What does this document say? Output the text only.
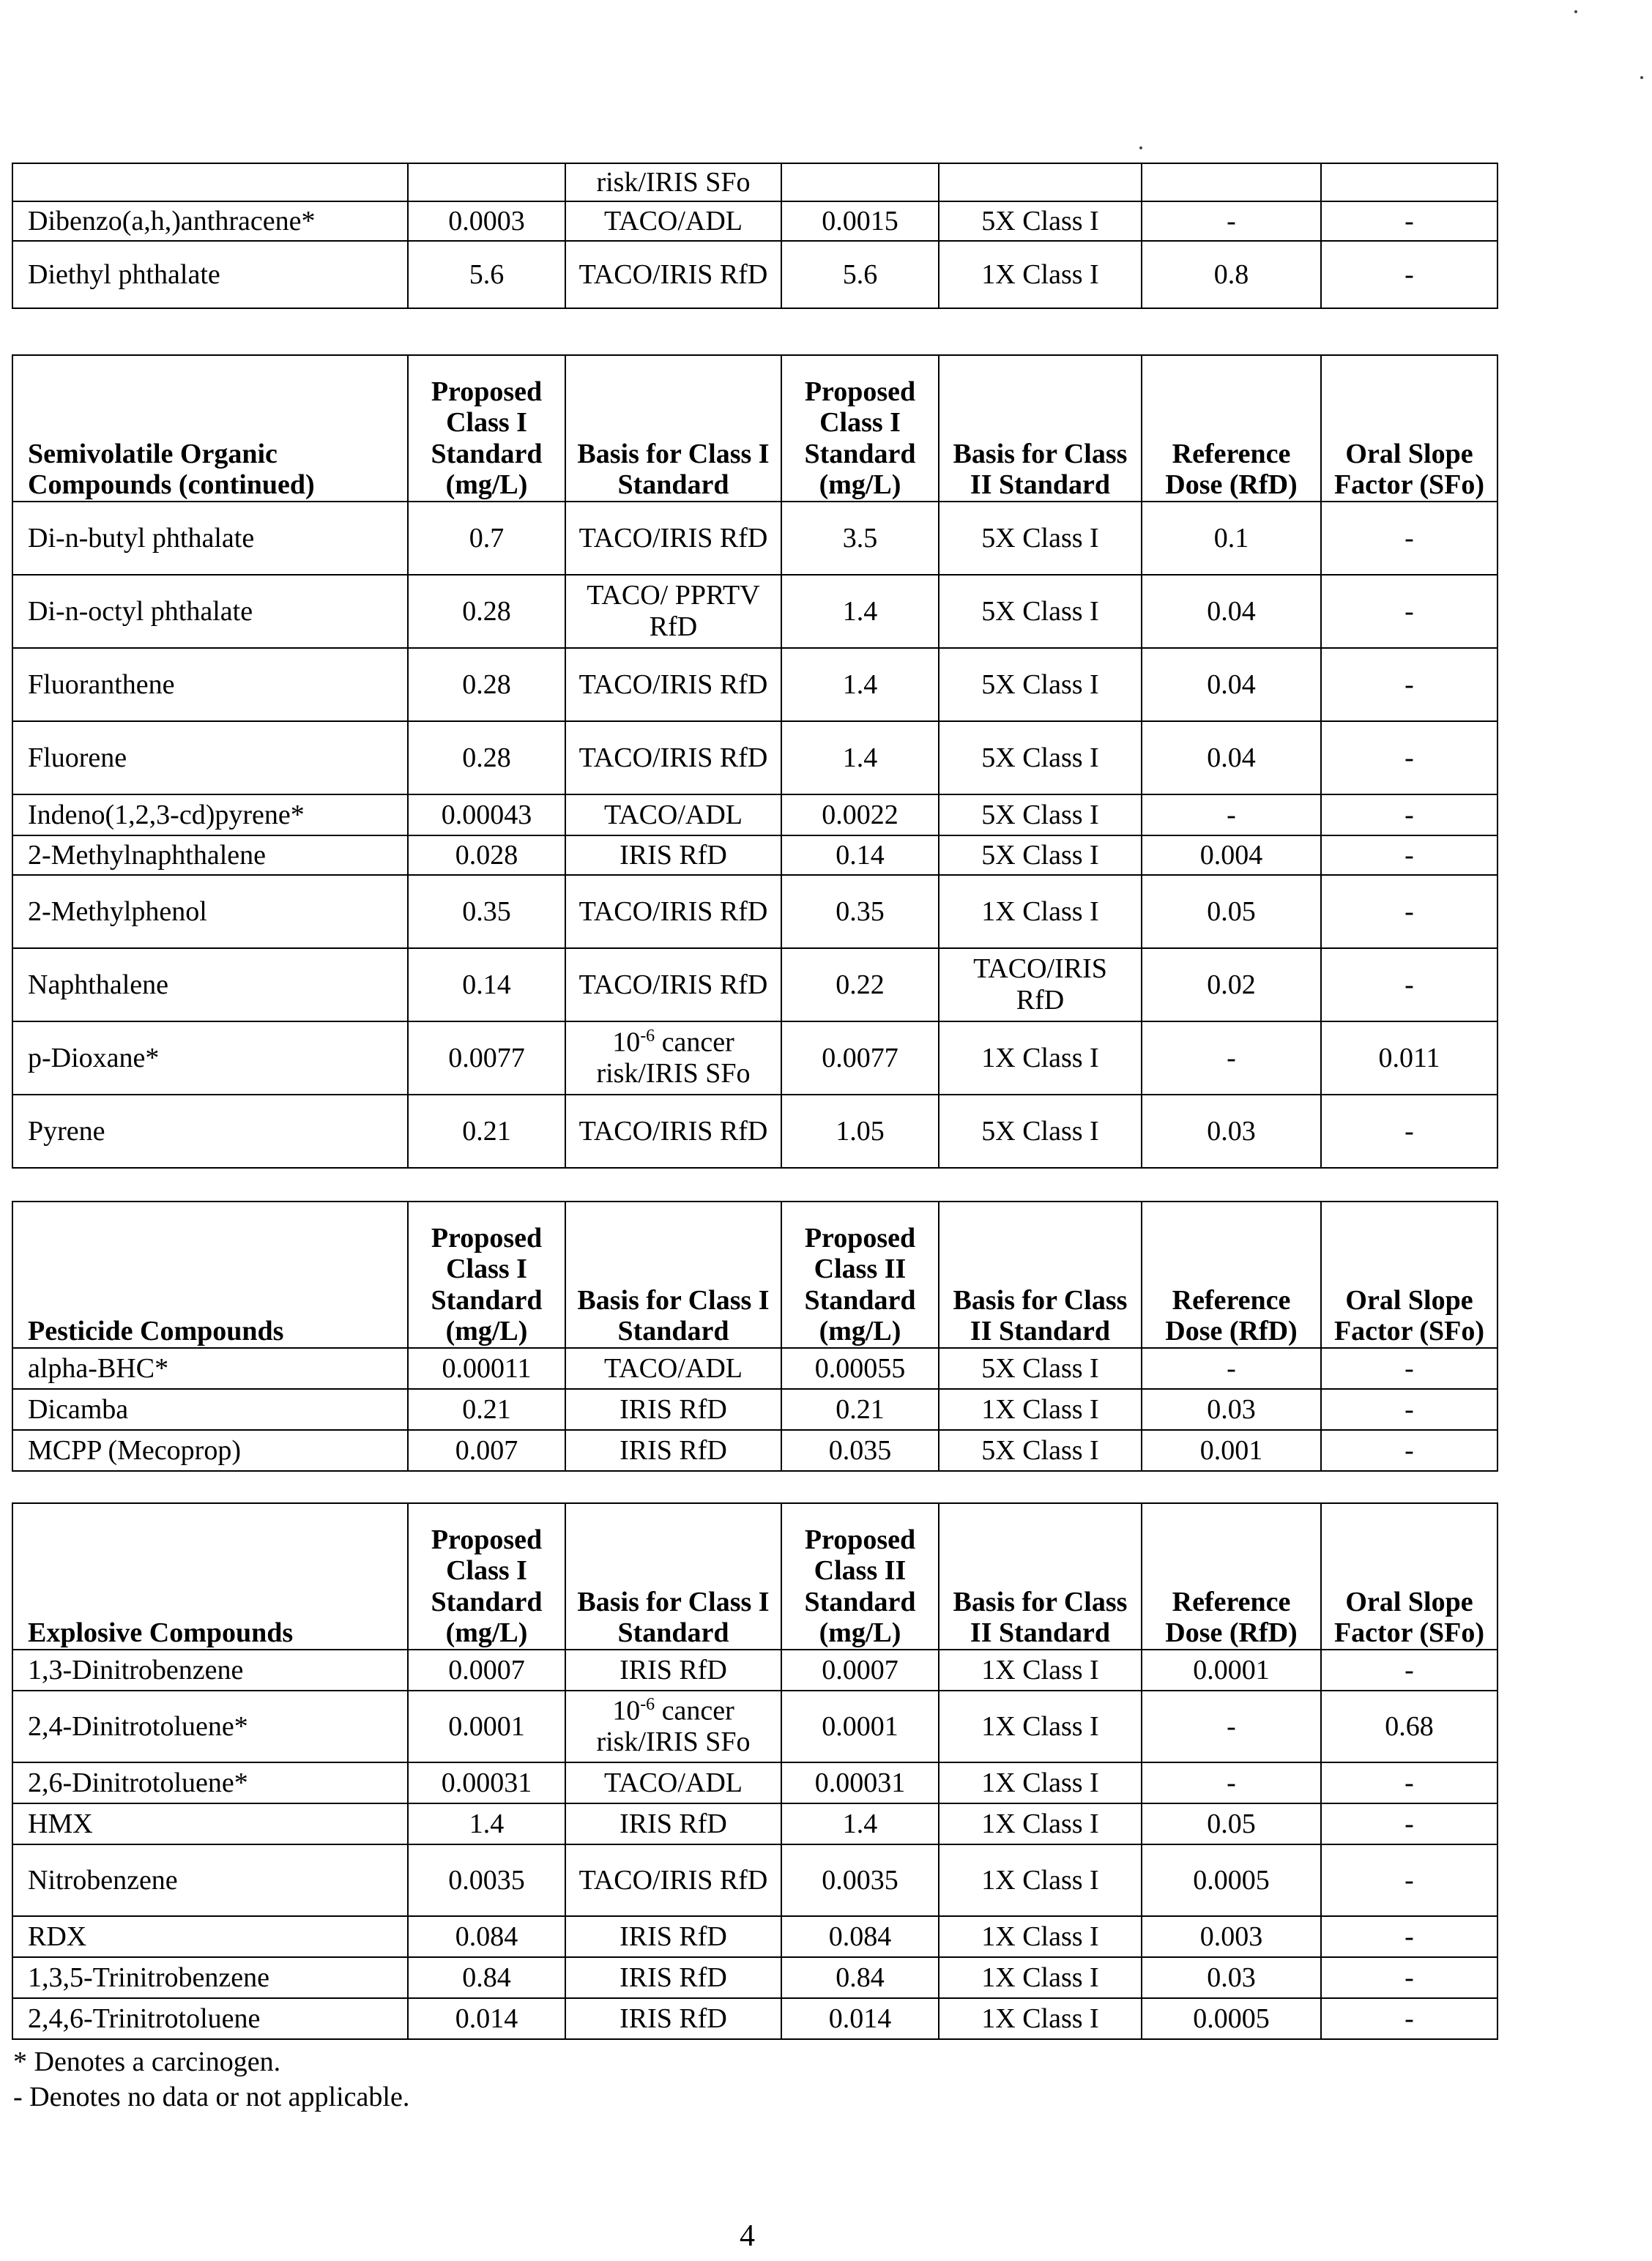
		risk/IRIS SFo				
Dibenzo(a,h,)anthracene*	0.0003	TACO/ADL	0.0015	5X Class I	-	-
Diethyl phthalate	5.6	TACO/IRIS RfD	5.6	1X Class I	0.8	-
Semivolatile Organic Compounds (continued)	Proposed Class I Standard (mg/L)	Basis for Class I Standard	Proposed Class I Standard (mg/L)	Basis for Class II Standard	Reference Dose (RfD)	Oral Slope Factor (SFo)
Di-n-butyl phthalate	0.7	TACO/IRIS RfD	3.5	5X Class I	0.1	-
Di-n-octyl phthalate	0.28	TACO/ PPRTV RfD	1.4	5X Class I	0.04	-
Fluoranthene	0.28	TACO/IRIS RfD	1.4	5X Class I	0.04	-
Fluorene	0.28	TACO/IRIS RfD	1.4	5X Class I	0.04	-
Indeno(1,2,3-cd)pyrene*	0.00043	TACO/ADL	0.0022	5X Class I	-	-
2-Methylnaphthalene	0.028	IRIS RfD	0.14	5X Class I	0.004	-
2-Methylphenol	0.35	TACO/IRIS RfD	0.35	1X Class I	0.05	-
Naphthalene	0.14	TACO/IRIS RfD	0.22	TACO/IRIS RfD	0.02	-
p-Dioxane*	0.0077	$10^{-6}$ cancer risk/IRIS SFo	0.0077	1X Class I	-	0.011
Pyrene	0.21	TACO/IRIS RfD	1.05	5X Class I	0.03	-
Pesticide Compounds	Proposed Class I Standard (mg/L)	Basis for Class I Standard	Proposed Class II Standard (mg/L)	Basis for Class II Standard	Reference Dose (RfD)	Oral Slope Factor (SFo)
alpha-BHC*	0.00011	TACO/ADL	0.00055	5X Class I	-	-
Dicamba	0.21	IRIS RfD	0.21	1X Class I	0.03	-
MCPP (Mecoprop)	0.007	IRIS RfD	0.035	5X Class I	0.001	-
Explosive Compounds	Proposed Class I Standard (mg/L)	Basis for Class I Standard	Proposed Class II Standard (mg/L)	Basis for Class II Standard	Reference Dose (RfD)	Oral Slope Factor (SFo)
1,3-Dinitrobenzene	0.0007	IRIS RfD	0.0007	1X Class I	0.0001	-
2,4-Dinitrotoluene*	0.0001	$10^{-6}$ cancer risk/IRIS SFo	0.0001	1X Class I	-	0.68
2,6-Dinitrotoluene*	0.00031	TACO/ADL	0.00031	1X Class I	-	-
HMX	1.4	IRIS RfD	1.4	1X Class I	0.05	-
Nitrobenzene	0.0035	TACO/IRIS RfD	0.0035	1X Class I	0.0005	-
RDX	0.084	IRIS RfD	0.084	1X Class I	0.003	-
1,3,5-Trinitrobenzene	0.84	IRIS RfD	0.84	1X Class I	0.03	-
2,4,6-Trinitrotoluene	0.014	IRIS RfD	0.014	1X Class I	0.0005	-
* Denotes a carcinogen.
- Denotes no data or not applicable.
4
